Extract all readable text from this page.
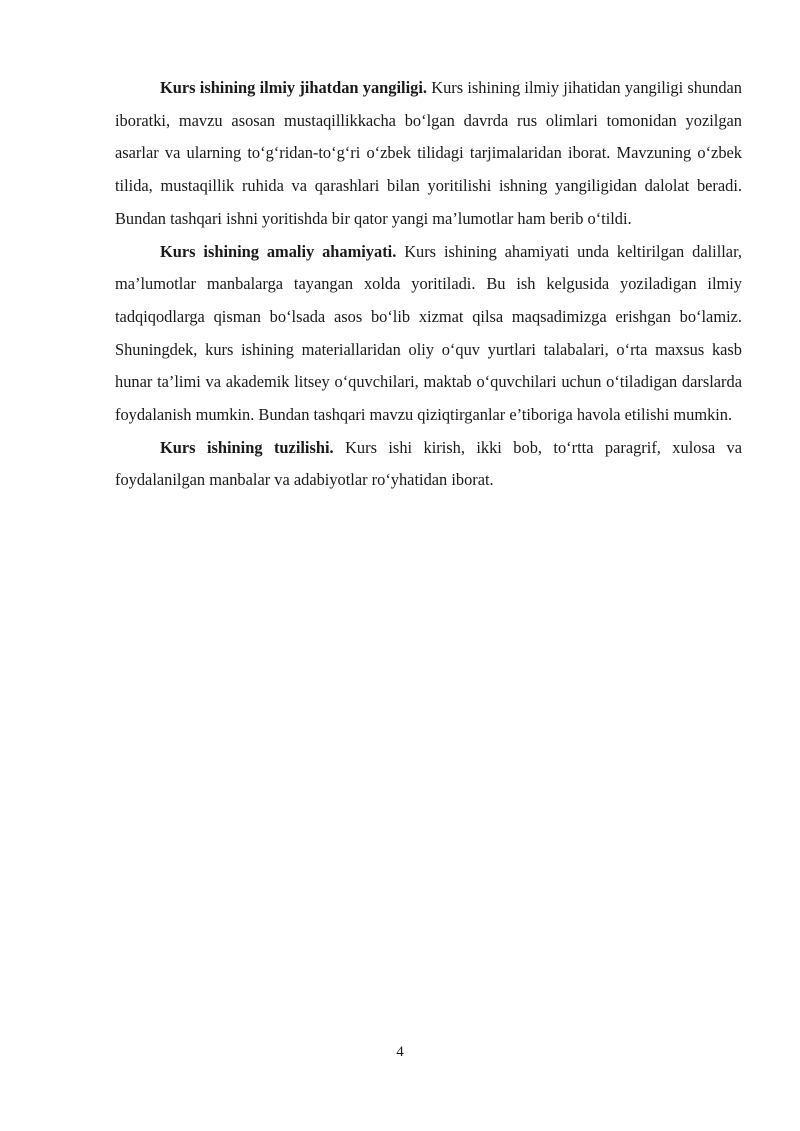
Kurs ishining ilmiy jihatdan yangiligi. Kurs ishining ilmiy jihatidan yangiligi shundan iboratki, mavzu asosan mustaqillikkacha bo‘lgan davrda rus olimlari tomonidan yozilgan asarlar va ularning to‘g‘ridan-to‘g‘ri o‘zbek tilidagi tarjimalaridan iborat. Mavzuning o‘zbek tilida, mustaqillik ruhida va qarashlari bilan yoritilishi ishning yangiligidan dalolat beradi. Bundan tashqari ishni yoritishda bir qator yangi ma’lumotlar ham berib o‘tildi.

Kurs ishining amaliy ahamiyati. Kurs ishining ahamiyati unda keltirilgan dalillar, ma’lumotlar manbalarga tayangan xolda yoritiladi. Bu ish kelgusida yoziladigan ilmiy tadqiqodlarga qisman bo‘lsada asos bo‘lib xizmat qilsa maqsadimizga erishgan bo‘lamiz. Shuningdek, kurs ishining materiallaridan oliy o‘quv yurtlari talabalari, o‘rta maxsus kasb hunar ta’limi va akademik litsey o‘quvchilari, maktab o‘quvchilari uchun o‘tiladigan darslarda foydalanish mumkin. Bundan tashqari mavzu qiziqtirganlar e’tiboriga havola etilishi mumkin.

Kurs ishining tuzilishi. Kurs ishi kirish, ikki bob, to‘rtta paragrif, xulosa va foydalanilgan manbalar va adabiyotlar ro‘yhatidan iborat.

4
